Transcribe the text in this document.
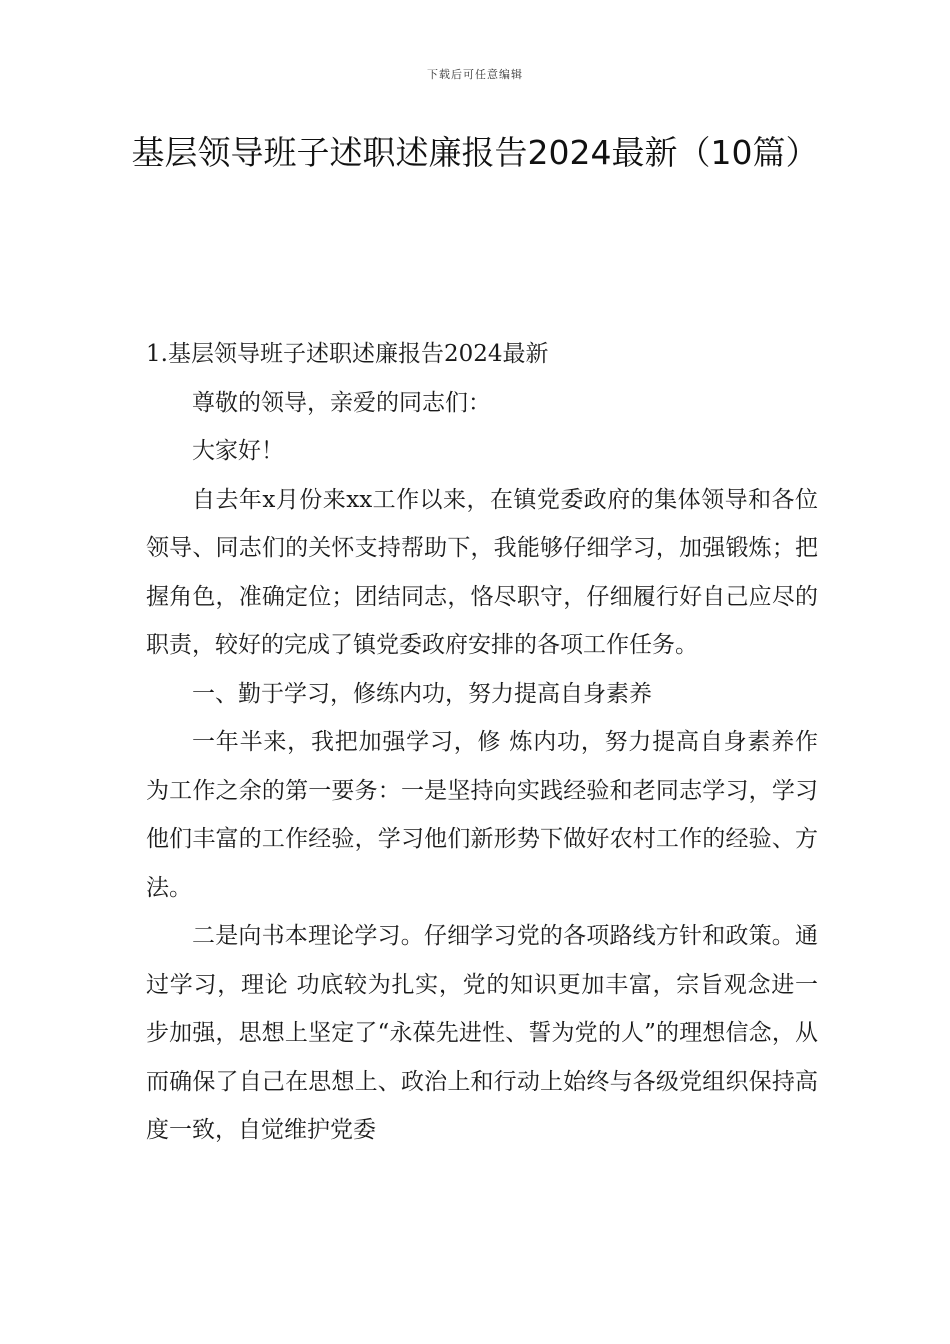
下载后可任意编辑
基层领导班子述职述廉报告2024最新（10篇）

1.基层领导班子述职述廉报告2024最新

尊敬的领导，亲爱的同志们：

大家好！

自去年x月份来xx工作以来，在镇党委政府的集体领导和各位领导、同志们的关怀支持帮助下，我能够仔细学习，加强锻炼；把握角色，准确定位；团结同志，恪尽职守，仔细履行好自己应尽的职责，较好的完成了镇党委政府安排的各项工作任务。

一、勤于学习，修练内功，努力提高自身素养

一年半来，我把加强学习，修 炼内功，努力提高自身素养作为工作之余的第一要务：一是坚持向实践经验和老同志学习，学习他们丰富的工作经验，学习他们新形势下做好农村工作的经验、方法。

二是向书本理论学习。仔细学习党的各项路线方针和政策。通过学习，理论 功底较为扎实，党的知识更加丰富，宗旨观念进一步加强，思想上坚定了“永葆先进性、誓为党的人”的理想信念，从而确保了自己在思想上、政治上和行动上始终与各级党组织保持高度一致，自觉维护党委
